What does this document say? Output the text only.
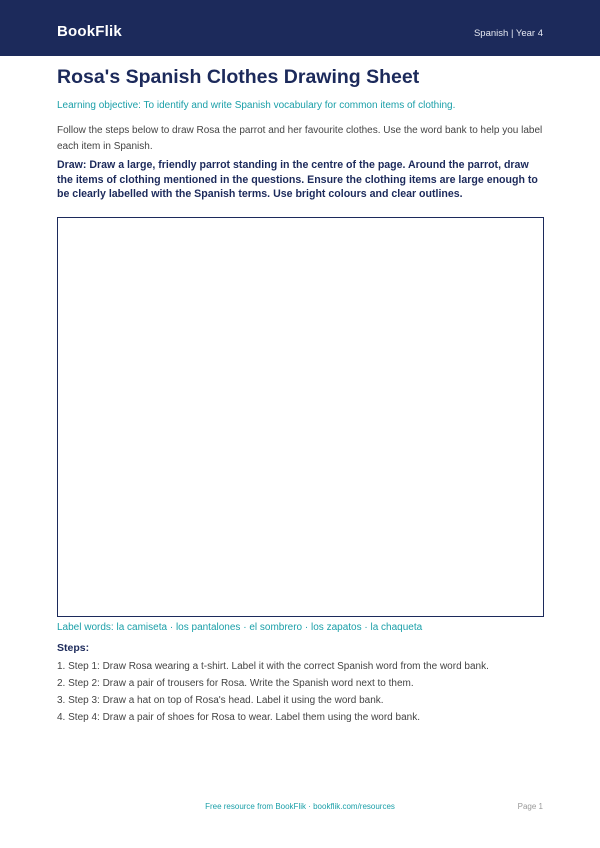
BookFlik	Spanish | Year 4
Rosa's Spanish Clothes Drawing Sheet

Learning objective: To identify and write Spanish vocabulary for common items of clothing.

Follow the steps below to draw Rosa the parrot and her favourite clothes. Use the word bank to help you label each item in Spanish.

Draw: Draw a large, friendly parrot standing in the centre of the page. Around the parrot, draw the items of clothing mentioned in the questions. Ensure the clothing items are large enough to be clearly labelled with the Spanish terms. Use bright colours and clear outlines.

Label words: la camiseta · los pantalones · el sombrero · los zapatos · la chaqueta

Steps:
1. Step 1: Draw Rosa wearing a t-shirt. Label it with the correct Spanish word from the word bank.
2. Step 2: Draw a pair of trousers for Rosa. Write the Spanish word next to them.
3. Step 3: Draw a hat on top of Rosa's head. Label it using the word bank.
4. Step 4: Draw a pair of shoes for Rosa to wear. Label them using the word bank.
Free resource from BookFlik · bookflik.com/resources	Page 1
